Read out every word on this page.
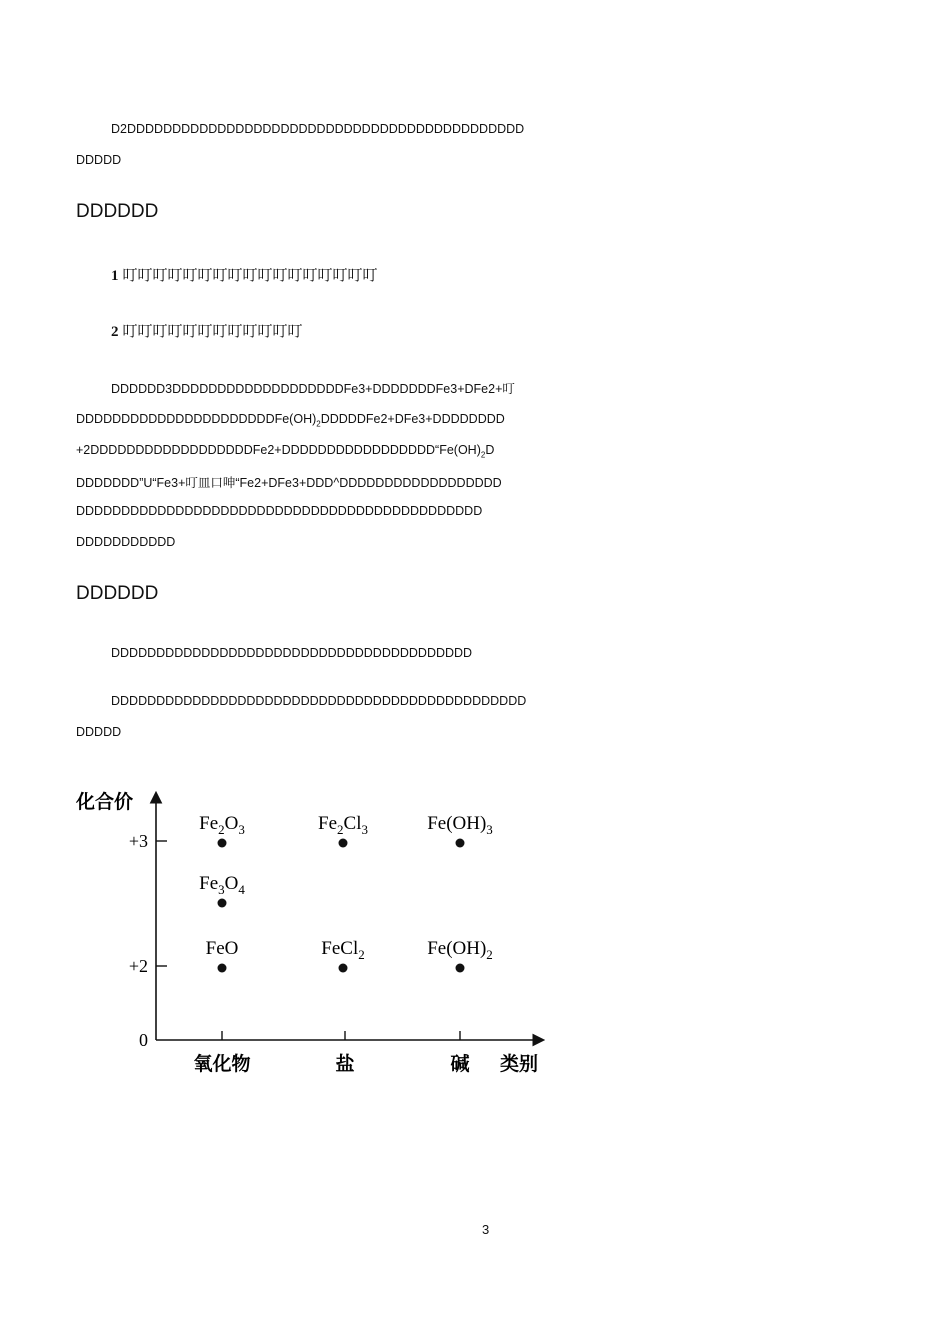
D2DDDDDDDDDDDDDDDDDDDDDDDDDDDDDDDDDDDDDDDDDDDD
DDDDD
DDDDDD
1 叮叮叮叮叮叮叮叮叮叮叮叮叮叮叮叮叮
2 叮叮叮叮叮叮叮叮叮叮叮叮
DDDDDD3DDDDDDDDDDDDDDDDDDDFe3+DDDDDDDFe3+DFe2+叮
$DDDDDDDDDDDDDDDDDDDDDDFe(OH)_2DDDDDFe2+DFe3+DDDDDDDD$
$+2DDDDDDDDDDDDDDDDDDFe2+DDDDDDDDDDDDDDDDD“Fe(OH)_2D$
DDDDDDD”U“Fe3+叮皿口呻“Fe2+DFe3+DDD^DDDDDDDDDDDDDDDDDD
DDDDDDDDDDDDDDDDDDDDDDDDDDDDDDDDDDDDDDDDDDDDD
DDDDDDDDDDD
DDDDDD
DDDDDDDDDDDDDDDDDDDDDDDDDDDDDDDDDDDDDDDD
DDDDDDDDDDDDDDDDDDDDDDDDDDDDDDDDDDDDDDDDDDDDDD
DDDDD
化合价
类别
0
+2
+3
氧化物	盐	碱
$Fe_2O_3$	$Fe_2Cl_3$	$Fe(OH)_3$
$Fe_3O_4$
FeO	FeCl$_2$	$Fe(OH)_2$
3
